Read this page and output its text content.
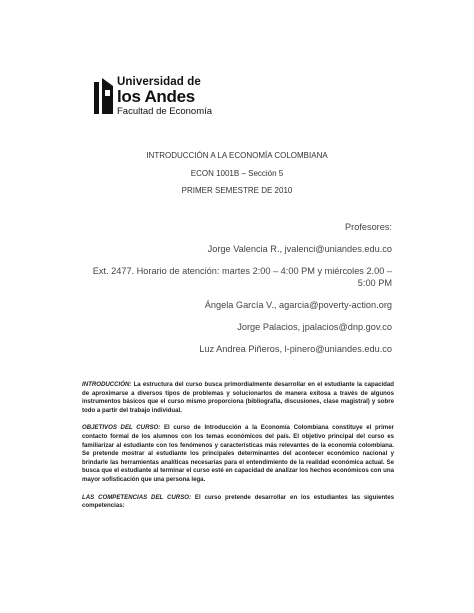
Universidad de
los Andes
Facultad de Economía
INTRODUCCIÓN A LA ECONOMÍA COLOMBIANA
ECON 1001B – Sección 5
PRIMER SEMESTRE DE 2010
Profesores:
Jorge Valencia R., jvalenci@uniandes.edu.co
Ext. 2477. Horario de atención: martes 2:00 – 4:00 PM y miércoles 2.00 –
5:00 PM
Ángela García V., agarcia@poverty-action.org
Jorge Palacios, jpalacios@dnp.gov.co
Luz Andrea Piñeros, l-pinero@uniandes.edu.co

INTRODUCCIÓN: La estructura del curso busca primordialmente desarrollar en el estudiante la capacidad de aproximarse a diversos tipos de problemas y solucionarlos de manera exitosa a través de algunos instrumentos básicos que el curso mismo proporciona (bibliografía, discusiones, clase magistral) y sobre todo a partir del trabajo individual.

OBJETIVOS DEL CURSO: El curso de Introducción a la Economía Colombiana constituye el primer contacto formal de los alumnos con los temas económicos del país. El objetivo principal del curso es familiarizar al estudiante con los fenómenos y características más relevantes de la economía colombiana. Se pretende mostrar al estudiante los principales determinantes del acontecer económico nacional y brindarle las herramientas analíticas necesarias para el entendimiento de la realidad económica actual. Se busca que el estudiante al terminar el curso esté en capacidad de analizar los hechos económicos con una mayor sofisticación que una persona lega.

LAS COMPETENCIAS DEL CURSO: El curso pretende desarrollar en los estudiantes las siguientes competencias:
